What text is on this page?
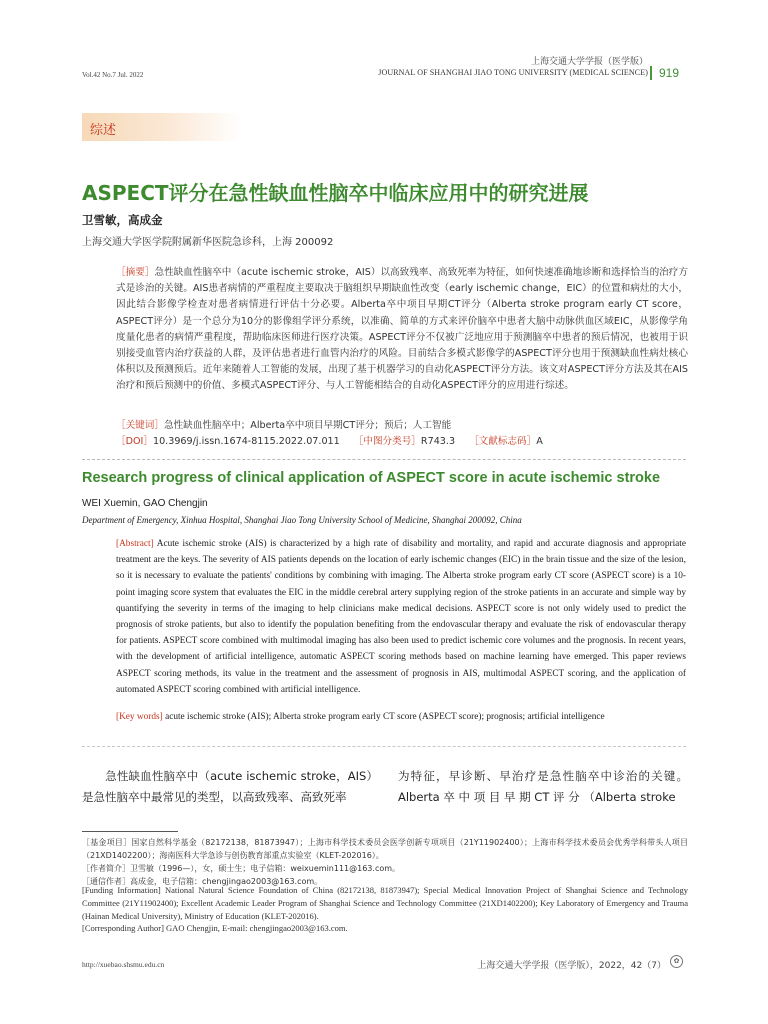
Vol.42 No.7 Jul. 2022
上海交通大学学报（医学版）
JOURNAL OF SHANGHAI JIAO TONG UNIVERSITY (MEDICAL SCIENCE) 919
综述
ASPECT评分在急性缺血性脑卒中临床应用中的研究进展
卫雪敏，高成金
上海交通大学医学院附属新华医院急诊科，上海 200092
［摘要］急性缺血性脑卒中（acute ischemic stroke，AIS）以高致残率、高致死率为特征，如何快速准确地诊断和选择恰当的治疗方式是诊治的关键。AIS患者病情的严重程度主要取决于脑组织早期缺血性改变（early ischemic change，EIC）的位置和病灶的大小，因此结合影像学检查对患者病情进行评估十分必要。Alberta卒中项目早期CT评分（Alberta stroke program early CT score，ASPECT评分）是一个总分为10分的影像组学评分系统，以准确、简单的方式来评价脑卒中患者大脑中动脉供血区域EIC，从影像学角度量化患者的病情严重程度，帮助临床医师进行医疗决策。ASPECT评分不仅被广泛地应用于预测脑卒中患者的预后情况，也被用于识别接受血管内治疗获益的人群，及评估患者进行血管内治疗的风险。目前结合多模式影像学的ASPECT评分也用于预测缺血性病灶核心体积以及预测预后。近年来随着人工智能的发展，出现了基于机器学习的自动化ASPECT评分方法。该文对ASPECT评分方法及其在AIS治疗和预后预测中的价值、多模式ASPECT评分、与人工智能相结合的自动化ASPECT评分的应用进行综述。
［关键词］急性缺血性脑卒中；Alberta卒中项目早期CT评分；预后；人工智能
［DOI］10.3969/j.issn.1674-8115.2022.07.011 ［中图分类号］R743.3 ［文献标志码］A
Research progress of clinical application of ASPECT score in acute ischemic stroke
WEI Xuemin, GAO Chengjin
Department of Emergency, Xinhua Hospital, Shanghai Jiao Tong University School of Medicine, Shanghai 200092, China
[Abstract] Acute ischemic stroke (AIS) is characterized by a high rate of disability and mortality, and rapid and accurate diagnosis and appropriate treatment are the keys. The severity of AIS patients depends on the location of early ischemic changes (EIC) in the brain tissue and the size of the lesion, so it is necessary to evaluate the patients' conditions by combining with imaging. The Alberta stroke program early CT score (ASPECT score) is a 10-point imaging score system that evaluates the EIC in the middle cerebral artery supplying region of the stroke patients in an accurate and simple way by quantifying the severity in terms of the imaging to help clinicians make medical decisions. ASPECT score is not only widely used to predict the prognosis of stroke patients, but also to identify the population benefiting from the endovascular therapy and evaluate the risk of endovascular therapy for patients. ASPECT score combined with multimodal imaging has also been used to predict ischemic core volumes and the prognosis. In recent years, with the development of artificial intelligence, automatic ASPECT scoring methods based on machine learning have emerged. This paper reviews ASPECT scoring methods, its value in the treatment and the assessment of prognosis in AIS, multimodal ASPECT scoring, and the application of automated ASPECT scoring combined with artificial intelligence.
[Key words] acute ischemic stroke (AIS); Alberta stroke program early CT score (ASPECT score); prognosis; artificial intelligence
急性缺血性脑卒中（acute ischemic stroke，AIS）是急性脑卒中最常见的类型，以高致残率、高致死率
为特征，早诊断、早治疗是急性脑卒中诊治的关键。Alberta 卒 中 项 目 早 期 CT 评 分 （Alberta stroke
［基金项目］国家自然科学基金（82172138，81873947）；上海市科学技术委员会医学创新专项项目（21Y11902400）；上海市科学技术委员会优秀学科带头人项目（21XD1402200）；海南医科大学急诊与创伤教育部重点实验室（KLET-202016）。
［作者简介］卫雪敏（1996—），女，硕士生；电子信箱：weixuemin111@163.com。
［通信作者］高成金，电子信箱：chengjingao2003@163.com。
[Funding Information] National Natural Science Foundation of China (82172138, 81873947); Special Medical Innovation Project of Shanghai Science and Technology Committee (21Y11902400); Excellent Academic Leader Program of Shanghai Science and Technology Committee (21XD1402200); Key Laboratory of Emergency and Trauma (Hainan Medical University), Ministry of Education (KLET-202016).
[Corresponding Author] GAO Chengjin, E-mail: chengjingao2003@163.com.
http://xuebao.shsmu.edu.cn	上海交通大学学报（医学版），2022，42（7）	✿
